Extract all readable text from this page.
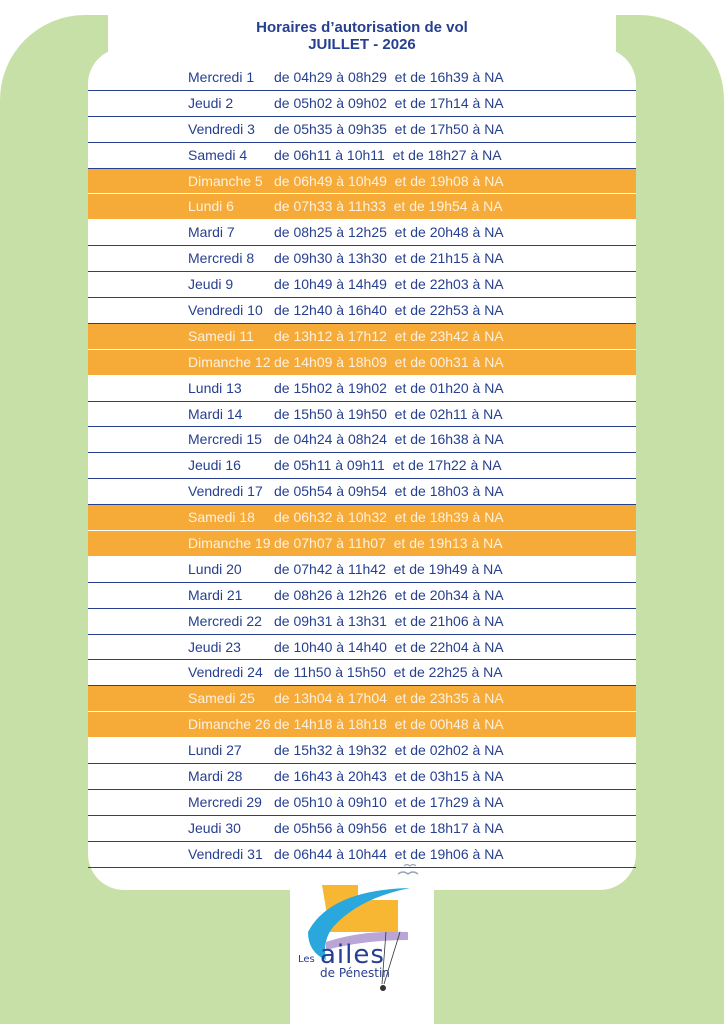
Horaires d’autorisation de vol
JUILLET - 2026
Mercredi 1 de 04h29 à 08h29  et de 16h39 à NA
Jeudi 2	de 05h02 à 09h02  et de 17h14 à NA
Vendredi 3 de 05h35 à 09h35  et de 17h50 à NA
Samedi 4 de 06h11 à 10h11  et de 18h27 à NA
Dimanche 5 de 06h49 à 10h49  et de 19h08 à NA
Lundi 6	de 07h33 à 11h33  et de 19h54 à NA
Mardi 7	de 08h25 à 12h25  et de 20h48 à NA
Mercredi 8 de 09h30 à 13h30  et de 21h15 à NA
Jeudi 9	de 10h49 à 14h49  et de 22h03 à NA
Vendredi 10 de 12h40 à 16h40  et de 22h53 à NA
Samedi 11 de 13h12 à 17h12  et de 23h42 à NA
Dimanche 12 de 14h09 à 18h09  et de 00h31 à NA
Lundi 13 de 15h02 à 19h02  et de 01h20 à NA
Mardi 14 de 15h50 à 19h50  et de 02h11 à NA
Mercredi 15 de 04h24 à 08h24  et de 16h38 à NA
Jeudi 16 de 05h11 à 09h11  et de 17h22 à NA
Vendredi 17 de 05h54 à 09h54  et de 18h03 à NA
Samedi 18 de 06h32 à 10h32  et de 18h39 à NA
Dimanche 19 de 07h07 à 11h07  et de 19h13 à NA
Lundi 20 de 07h42 à 11h42  et de 19h49 à NA
Mardi 21 de 08h26 à 12h26  et de 20h34 à NA
Mercredi 22 de 09h31 à 13h31  et de 21h06 à NA
Jeudi 23 de 10h40 à 14h40  et de 22h04 à NA
Vendredi 24 de 11h50 à 15h50  et de 22h25 à NA
Samedi 25 de 13h04 à 17h04  et de 23h35 à NA
Dimanche 26 de 14h18 à 18h18  et de 00h48 à NA
Lundi 27 de 15h32 à 19h32  et de 02h02 à NA
Mardi 28 de 16h43 à 20h43  et de 03h15 à NA
Mercredi 29 de 05h10 à 09h10  et de 17h29 à NA
Jeudi 30 de 05h56 à 09h56  et de 18h17 à NA
Vendredi 31 de 06h44 à 10h44  et de 19h06 à NA
Les ailes
de Pénestin
